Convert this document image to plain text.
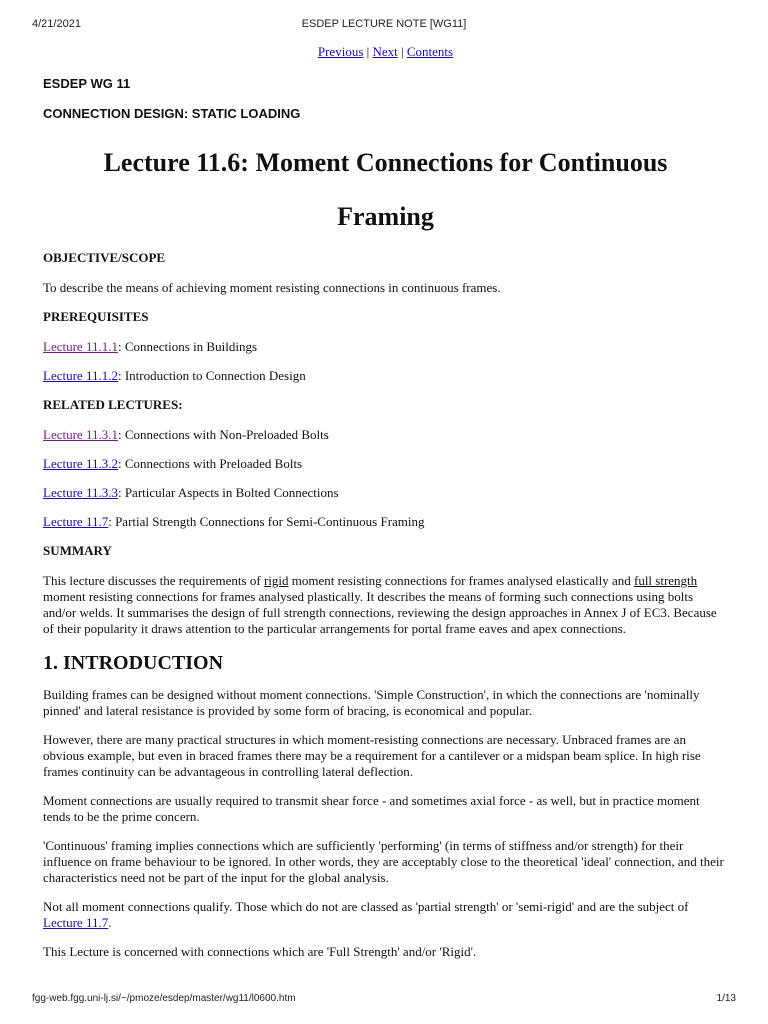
4/21/2021	ESDEP LECTURE NOTE [WG11]
Previous | Next | Contents
ESDEP WG 11
CONNECTION DESIGN: STATIC LOADING
Lecture 11.6: Moment Connections for Continuous
Framing
OBJECTIVE/SCOPE

To describe the means of achieving moment resisting connections in continuous frames.

PREREQUISITES
Lecture 11.1.1: Connections in Buildings
Lecture 11.1.2: Introduction to Connection Design
RELATED LECTURES:
Lecture 11.3.1: Connections with Non-Preloaded Bolts
Lecture 11.3.2: Connections with Preloaded Bolts
Lecture 11.3.3: Particular Aspects in Bolted Connections
Lecture 11.7: Partial Strength Connections for Semi-Continuous Framing
SUMMARY

This lecture discusses the requirements of rigid moment resisting connections for frames analysed elastically and full strength moment resisting connections for frames analysed plastically. It describes the means of forming such connections using bolts and/or welds. It summarises the design of full strength connections, reviewing the design approaches in Annex J of EC3. Because of their popularity it draws attention to the particular arrangements for portal frame eaves and apex connections.

1. INTRODUCTION

Building frames can be designed without moment connections. 'Simple Construction', in which the connections are 'nominally pinned' and lateral resistance is provided by some form of bracing, is economical and popular.

However, there are many practical structures in which moment-resisting connections are necessary. Unbraced frames are an obvious example, but even in braced frames there may be a requirement for a cantilever or a midspan beam splice. In high rise frames continuity can be advantageous in controlling lateral deflection.

Moment connections are usually required to transmit shear force - and sometimes axial force - as well, but in practice moment tends to be the prime concern.

'Continuous' framing implies connections which are sufficiently 'performing' (in terms of stiffness and/or strength) for their influence on frame behaviour to be ignored. In other words, they are acceptably close to the theoretical 'ideal' connection, and their characteristics need not be part of the input for the global analysis.

Not all moment connections qualify. Those which do not are classed as 'partial strength' or 'semi-rigid' and are the subject of Lecture 11.7.

This Lecture is concerned with connections which are 'Full Strength' and/or 'Rigid'.

fgg-web.fgg.uni-lj.si/~/pmoze/esdep/master/wg11/l0600.htm	1/13
